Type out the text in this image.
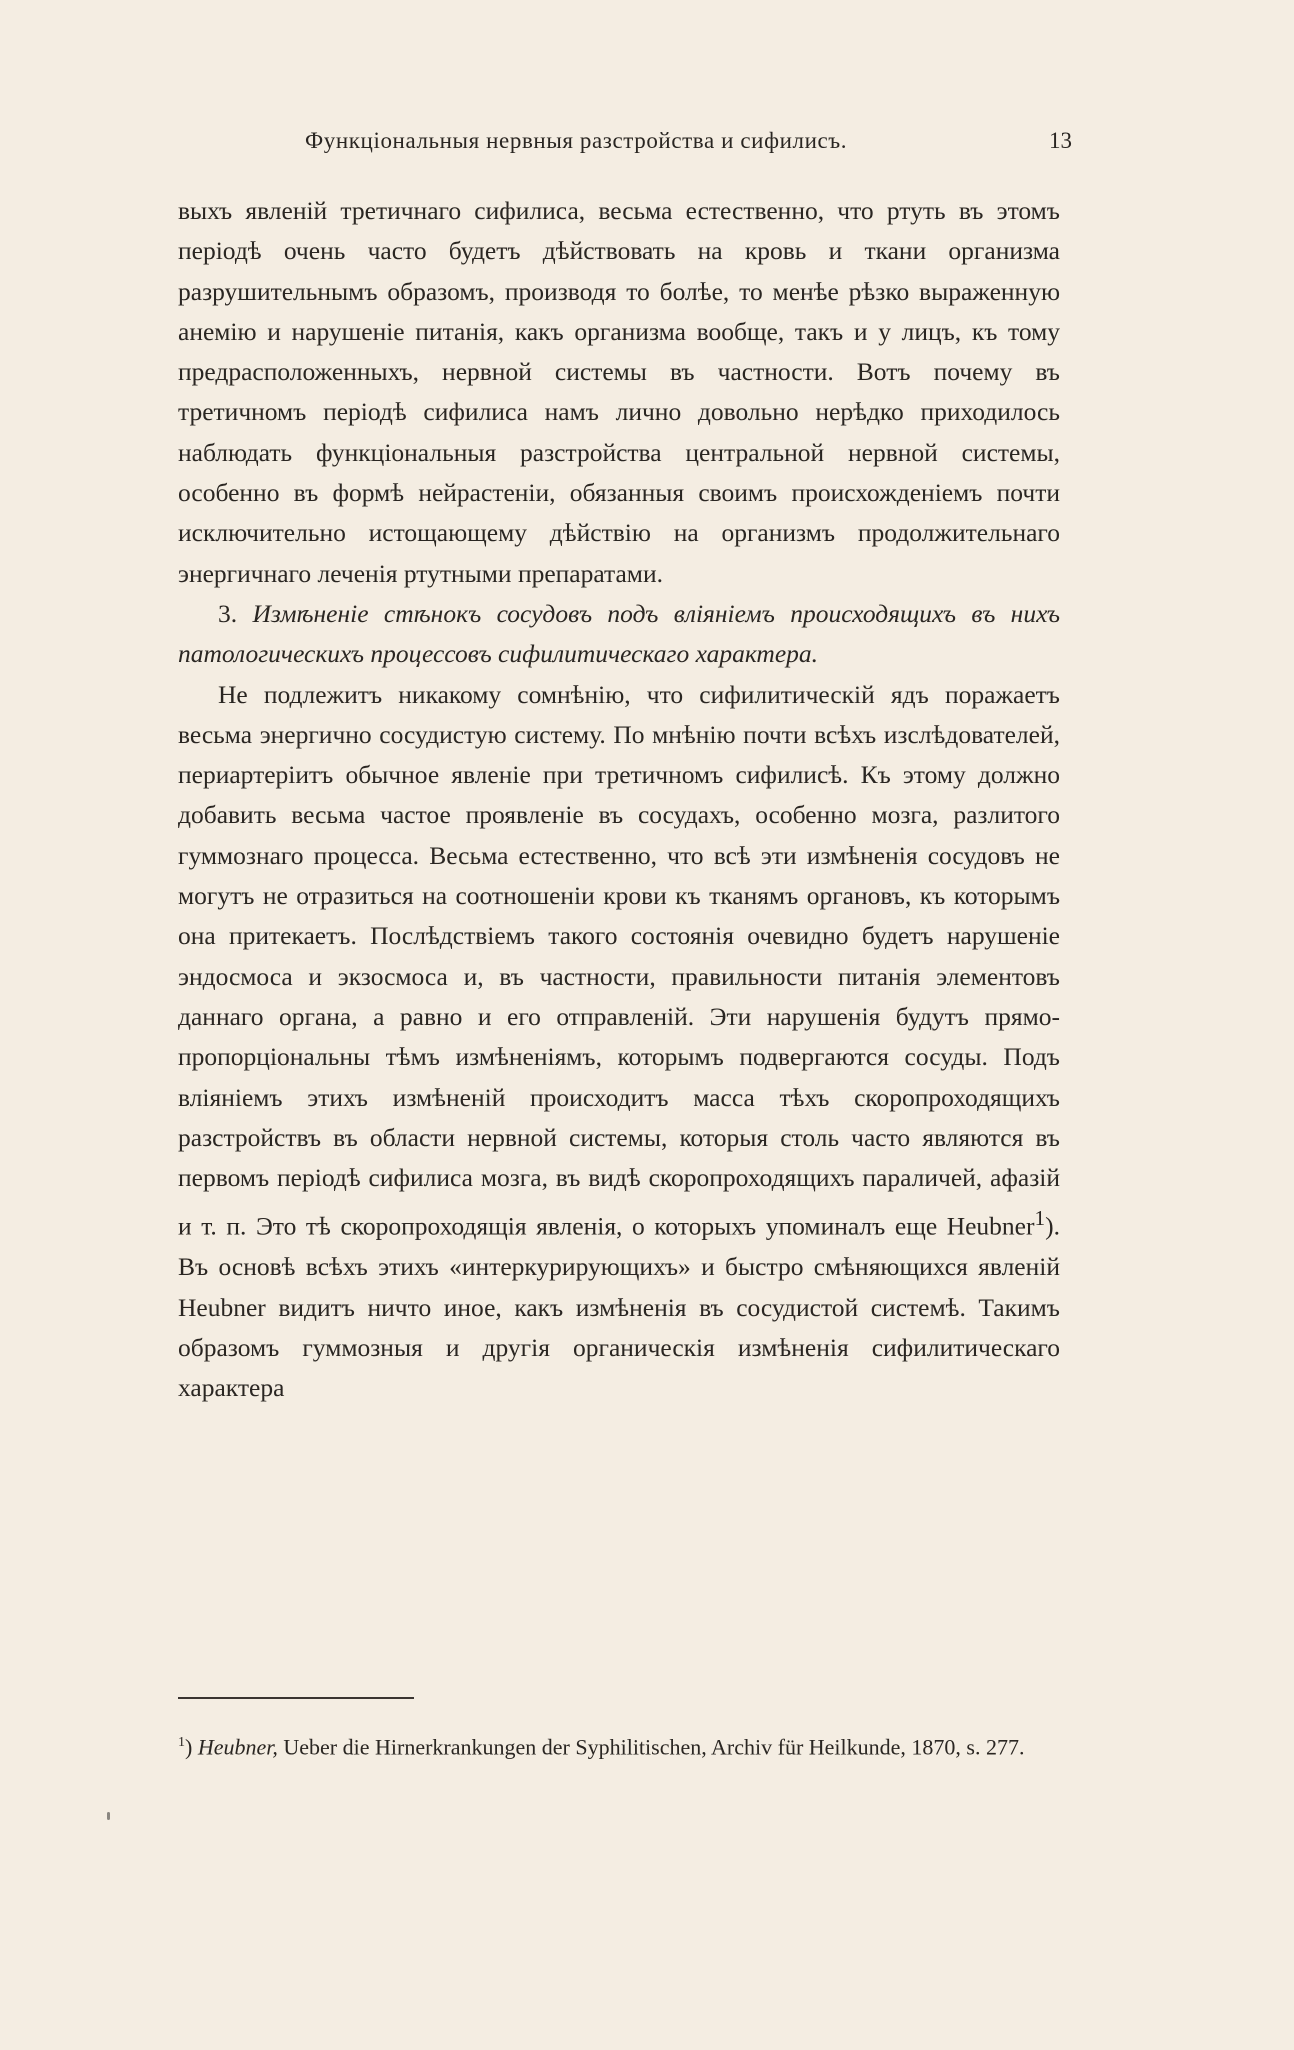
Функціональныя нервныя разстройства и сифилисъ.	13

выхъ явленій третичнаго сифилиса, весьма естественно, что ртуть въ этомъ періодѣ очень часто будетъ дѣйствовать на кровь и ткани организма разрушительнымъ образомъ, производя то болѣе, то менѣе рѣзко выраженную анемію и нарушеніе питанія, какъ организма вообще, такъ и у лицъ, къ тому предрасположенныхъ, нервной системы въ частности. Вотъ почему въ третичномъ періодѣ сифилиса намъ лично довольно нерѣдко приходилось наблюдать функціональныя разстройства центральной нервной системы, особенно въ формѣ нейрастеніи, обязанныя своимъ происхожденіемъ почти исключительно истощающему дѣйствію на организмъ продолжительнаго энергичнаго леченія ртутными препаратами.

3. Измѣненіе стѣнокъ сосудовъ подъ вліяніемъ происходящихъ въ нихъ патологическихъ процессовъ сифилитическаго характера.

Не подлежитъ никакому сомнѣнію, что сифилитическій ядъ поражаетъ весьма энергично сосудистую систему. По мнѣнію почти всѣхъ изслѣдователей, периартеріитъ обычное явленіе при третичномъ сифилисѣ. Къ этому должно добавить весьма частое проявленіе въ сосудахъ, особенно мозга, разлитого гуммознаго процесса. Весьма естественно, что всѣ эти измѣненія сосудовъ не могутъ не отразиться на соотношеніи крови къ тканямъ органовъ, къ которымъ она притекаетъ. Послѣдствіемъ такого состоянія очевидно будетъ нарушеніе эндосмоса и экзосмоса и, въ частности, правильности питанія элементовъ даннаго органа, а равно и его отправленій. Эти нарушенія будутъ прямо-пропорціональны тѣмъ измѣненіямъ, которымъ подвергаются сосуды. Подъ вліяніемъ этихъ измѣненій происходитъ масса тѣхъ скоропроходящихъ разстройствъ въ области нервной системы, которыя столь часто являются въ первомъ періодѣ сифилиса мозга, въ видѣ скоропроходящихъ параличей, афазій и т. п. Это тѣ скоропроходящія явленія, о которыхъ упоминалъ еще Heubner$^1$). Въ основѣ всѣхъ этихъ «интеркурирующихъ» и быстро смѣняющихся явленій Heubner видитъ ничто иное, какъ измѣненія въ сосудистой системѣ. Такимъ образомъ гуммозныя и другія органическія измѣненія сифилитическаго характера

$^1$) Heubner, Ueber die Hirnerkrankungen der Syphilitischen, Archiv für Heilkunde, 1870, s. 277.
